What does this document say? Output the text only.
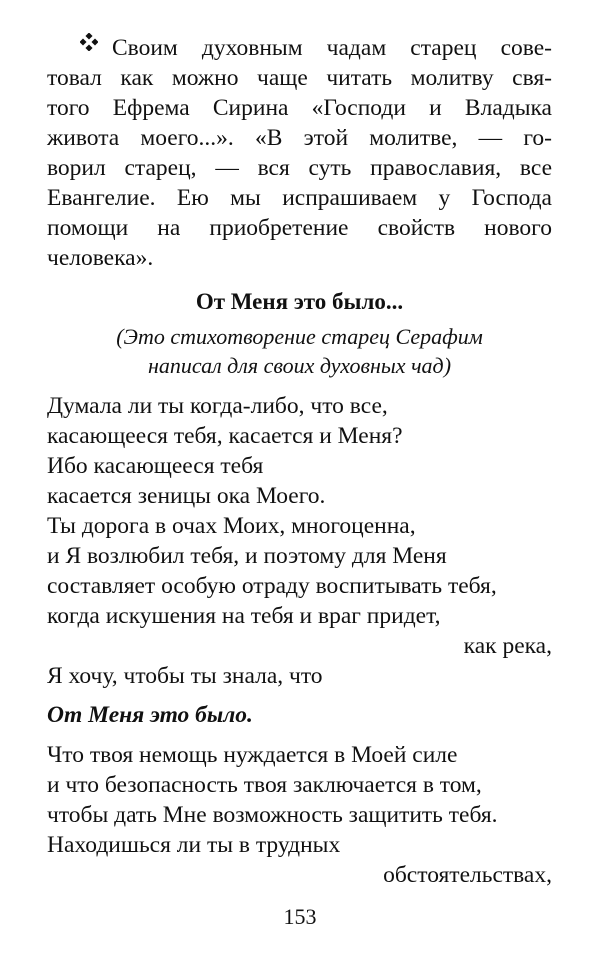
Своим духовным чадам старец сове-
товал как можно чаще читать молитву свя-
того Ефрема Сирина «Господи и Владыка
живота моего...». «В этой молитве, — го-
ворил старец, — вся суть православия, все
Евангелие. Ею мы испрашиваем у Господа
помощи на приобретение свойств нового
человека».
От Меня это было...
(Это стихотворение старец Серафим
написал для своих духовных чад)
Думала ли ты когда-либо, что все,
касающееся тебя, касается и Меня?
Ибо касающееся тебя
касается зеницы ока Моего.
Ты дорога в очах Моих, многоценна,
и Я возлюбил тебя, и поэтому для Меня
составляет особую отраду воспитывать тебя,
когда искушения на тебя и враг придет,
как река,
Я хочу, чтобы ты знала, что
От Меня это было.
Что твоя немощь нуждается в Моей силе
и что безопасность твоя заключается в том,
чтобы дать Мне возможность защитить тебя.
Находишься ли ты в трудных
обстоятельствах,
153
